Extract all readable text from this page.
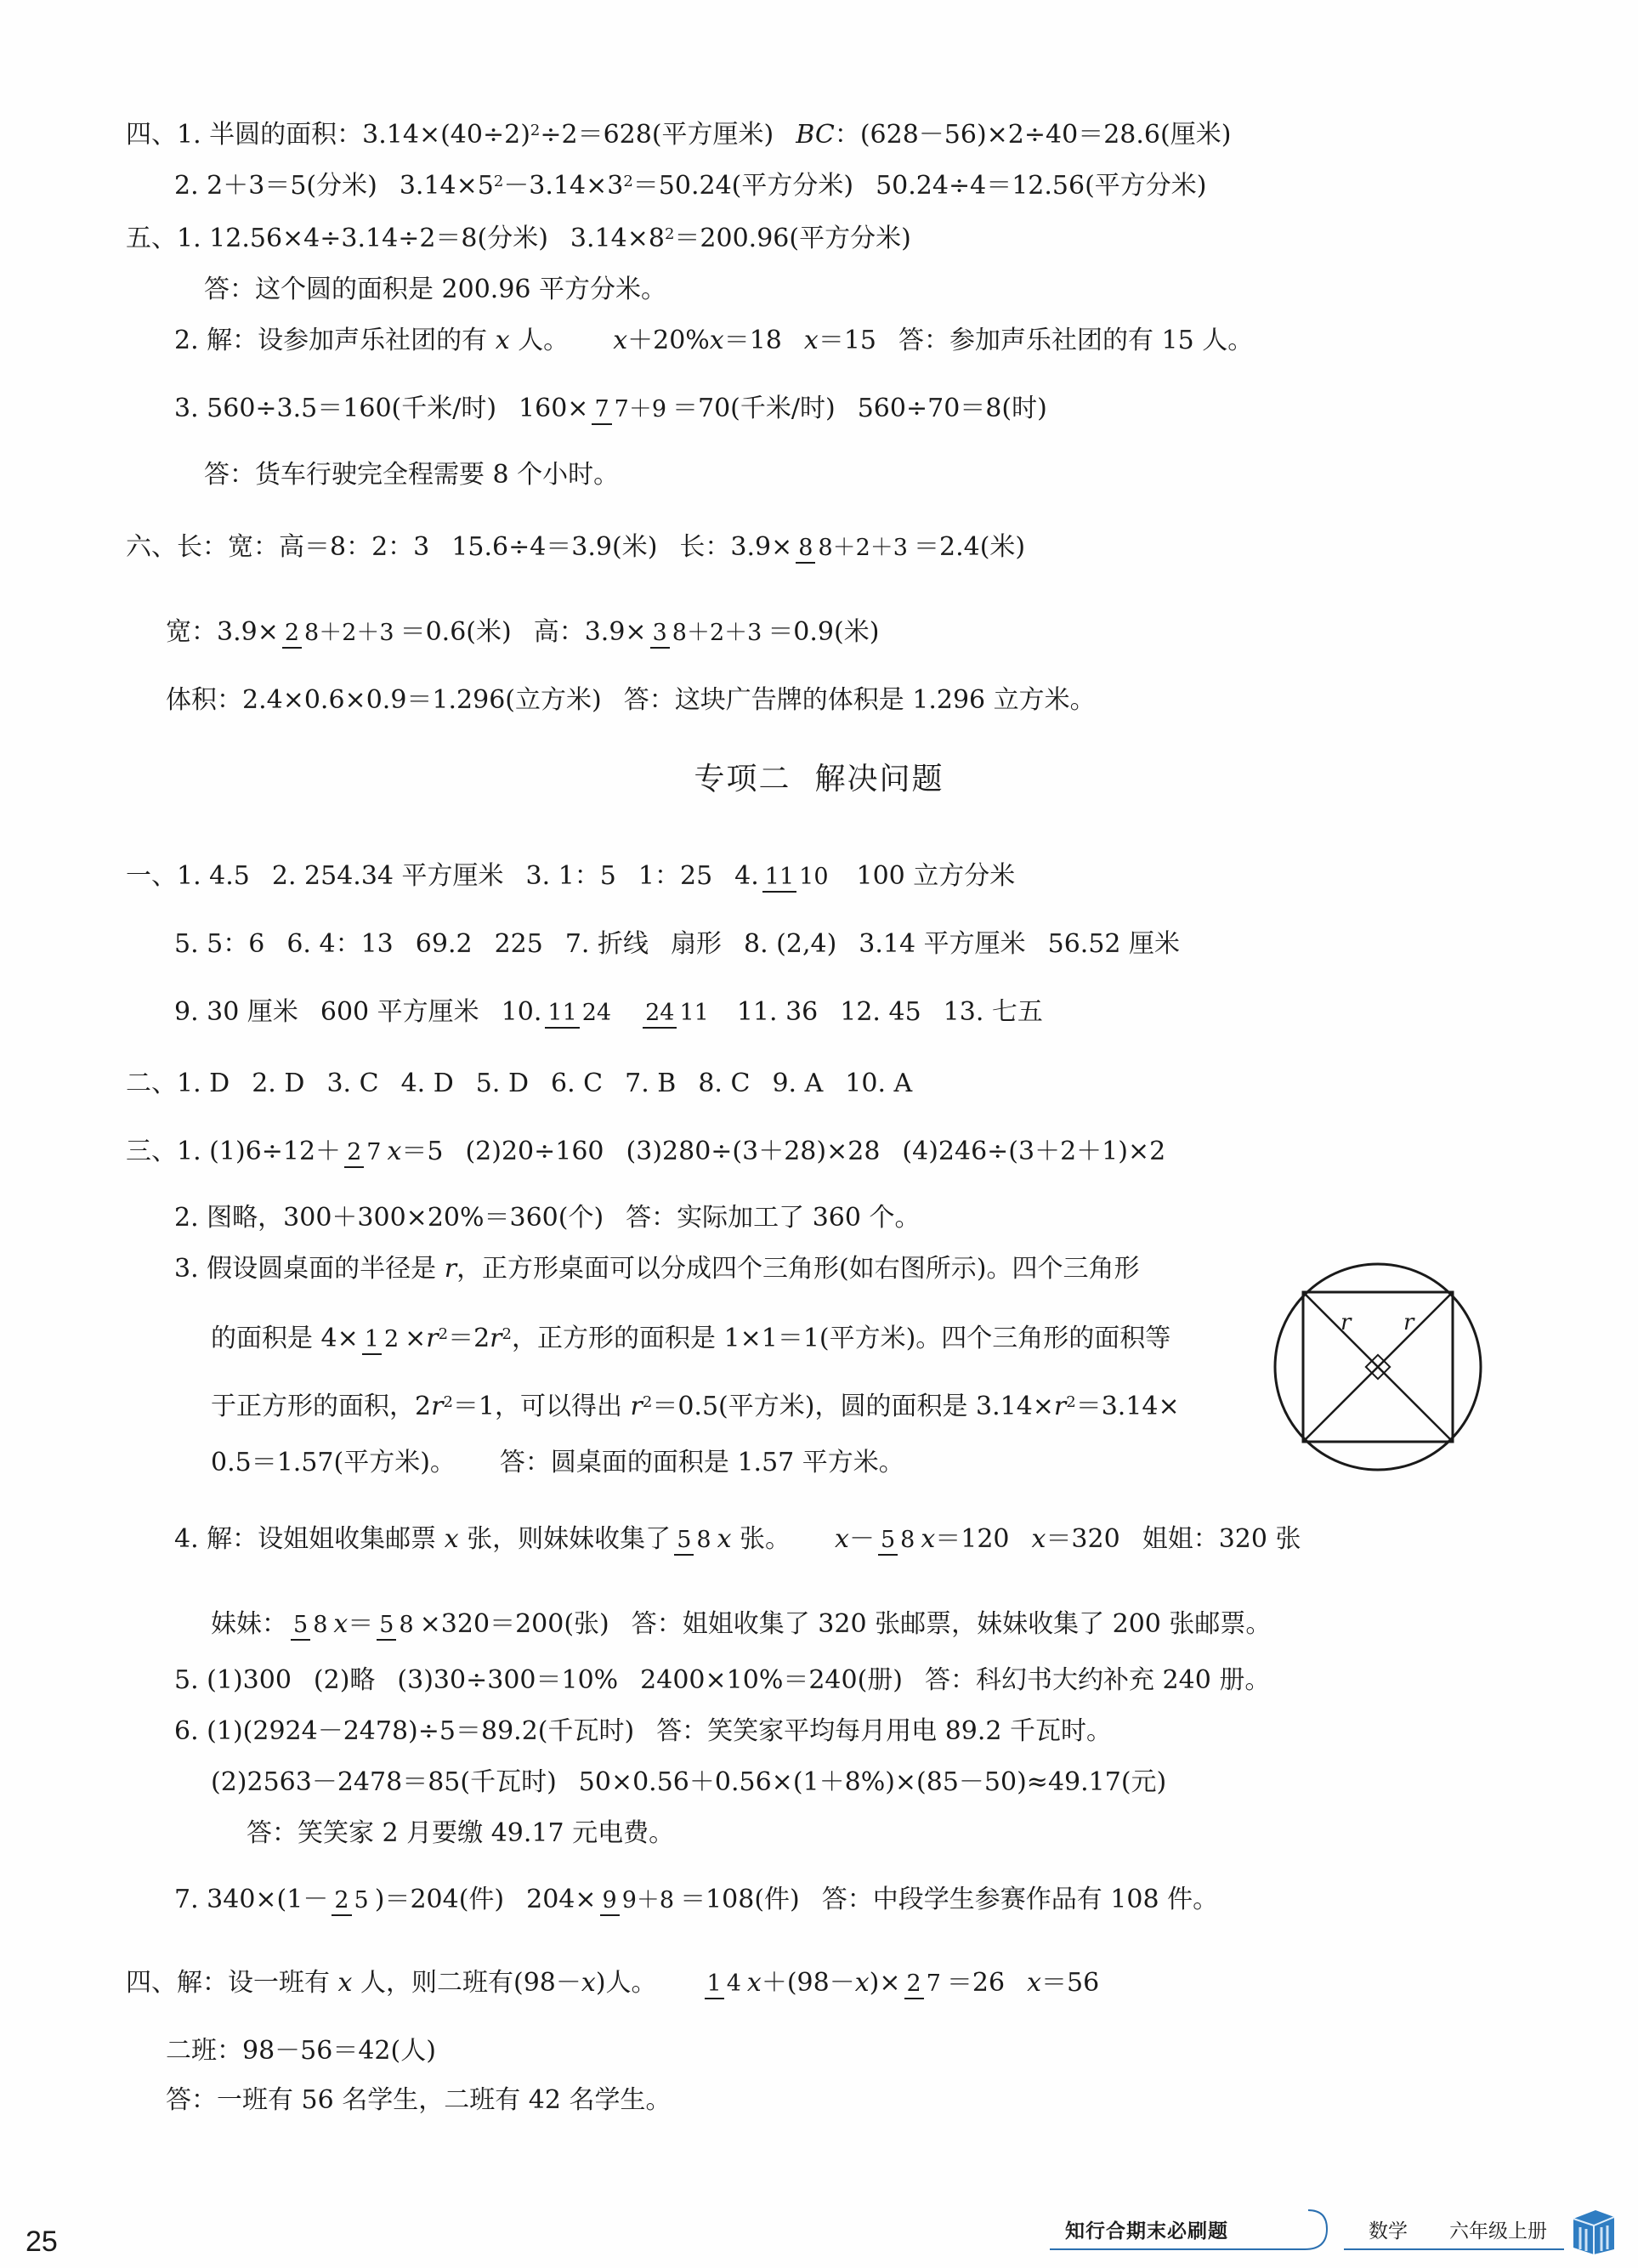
四、1. 半圆的面积：$3.14\times(40\div 2)^2\div 2=628$(平方厘米) BC：(628－56)×2÷40＝28.6(厘米)
2. 2＋3＝5(分米) $3.14\times 5^2-3.14\times 3^2=50.24$(平方分米) 50.24÷4＝12.56(平方分米)
五、1. 12.56×4÷3.14÷2＝8(分米) $3.14\times 8^2=200.96$(平方分米)
答：这个圆的面积是 200.96 平方分米。
2. 解：设参加声乐社团的有 x 人。 x＋20%x＝18 x＝15 答：参加声乐社团的有 15 人。
3. 560÷3.5＝160(千米/时) 160× 7 7＋9 ＝70(千米/时) 560÷70＝8(时)
答：货车行驶完全程需要 8 个小时。
六、长：宽：高＝8：2：3 15.6÷4＝3.9(米) 长：3.9× 8 8＋2＋3 ＝2.4(米)
宽：3.9× 2 8＋2＋3 ＝0.6(米) 高：3.9× 3 8＋2＋3 ＝0.9(米)
体积：2.4×0.6×0.9＝1.296(立方米) 答：这块广告牌的体积是 1.296 立方米。
专项二 解决问题
一、1. 4.5 2. 254.34 平方厘米 3. 1：5 1：25 4. 11 10 100 立方分米
5. 5：6 6. 4：13 69.2 225 7. 折线 扇形 8. (2,4) 3.14 平方厘米 56.52 厘米
9. 30 厘米 600 平方厘米 10. 11 24 24 11 11. 36 12. 45 13. 七五
二、1. D 2. D 3. C 4. D 5. D 6. C 7. B 8. C 9. A 10. A
三、1. (1)6÷12＋ 2 7 x＝5 (2)20÷160 (3)280÷(3＋28)×28 (4)246÷(3＋2＋1)×2
2. 图略，300＋300×20%＝360(个) 答：实际加工了 360 个。
3. 假设圆桌面的半径是 r，正方形桌面可以分成四个三角形(如右图所示)。四个三角形
的面积是 4× 1 $2 \times r^2=2r^2$，正方形的面积是 1×1＝1(平方米)。四个三角形的面积等
于正方形的面积，$2r^2=1$，可以得出 $r^2=0.5$(平方米)，圆的面积是 $3.14\times r^2=3.14\times$
0.5＝1.57(平方米)。 答：圆桌面的面积是 1.57 平方米。
4. 解：设姐姐收集邮票 x 张，则妹妹收集了 5 8 x 张。 x－ 5 8 x＝120 x＝320 姐姐：320 张
妹妹： 5 8 x＝ 5 8 ×320＝200(张) 答：姐姐收集了 320 张邮票，妹妹收集了 200 张邮票。
5. (1)300 (2)略 (3)30÷300＝10% 2400×10%＝240(册) 答：科幻书大约补充 240 册。
6. (1)(2924－2478)÷5＝89.2(千瓦时) 答：笑笑家平均每月用电 89.2 千瓦时。
(2)2563－2478＝85(千瓦时) 50×0.56＋0.56×(1＋8%)×(85－50)≈49.17(元)
答：笑笑家 2 月要缴 49.17 元电费。
7. 340×(1－ 2 5 )＝204(件) 204× 9 9＋8 ＝108(件) 答：中段学生参赛作品有 108 件。
四、解：设一班有 x 人，则二班有(98－x)人。 1 4 x＋(98－x)× 2 7 ＝26 x＝56
二班：98－56＝42(人)
答：一班有 56 名学生，二班有 42 名学生。
r r
25	知行合期末必刷题	数学 六年级上册
